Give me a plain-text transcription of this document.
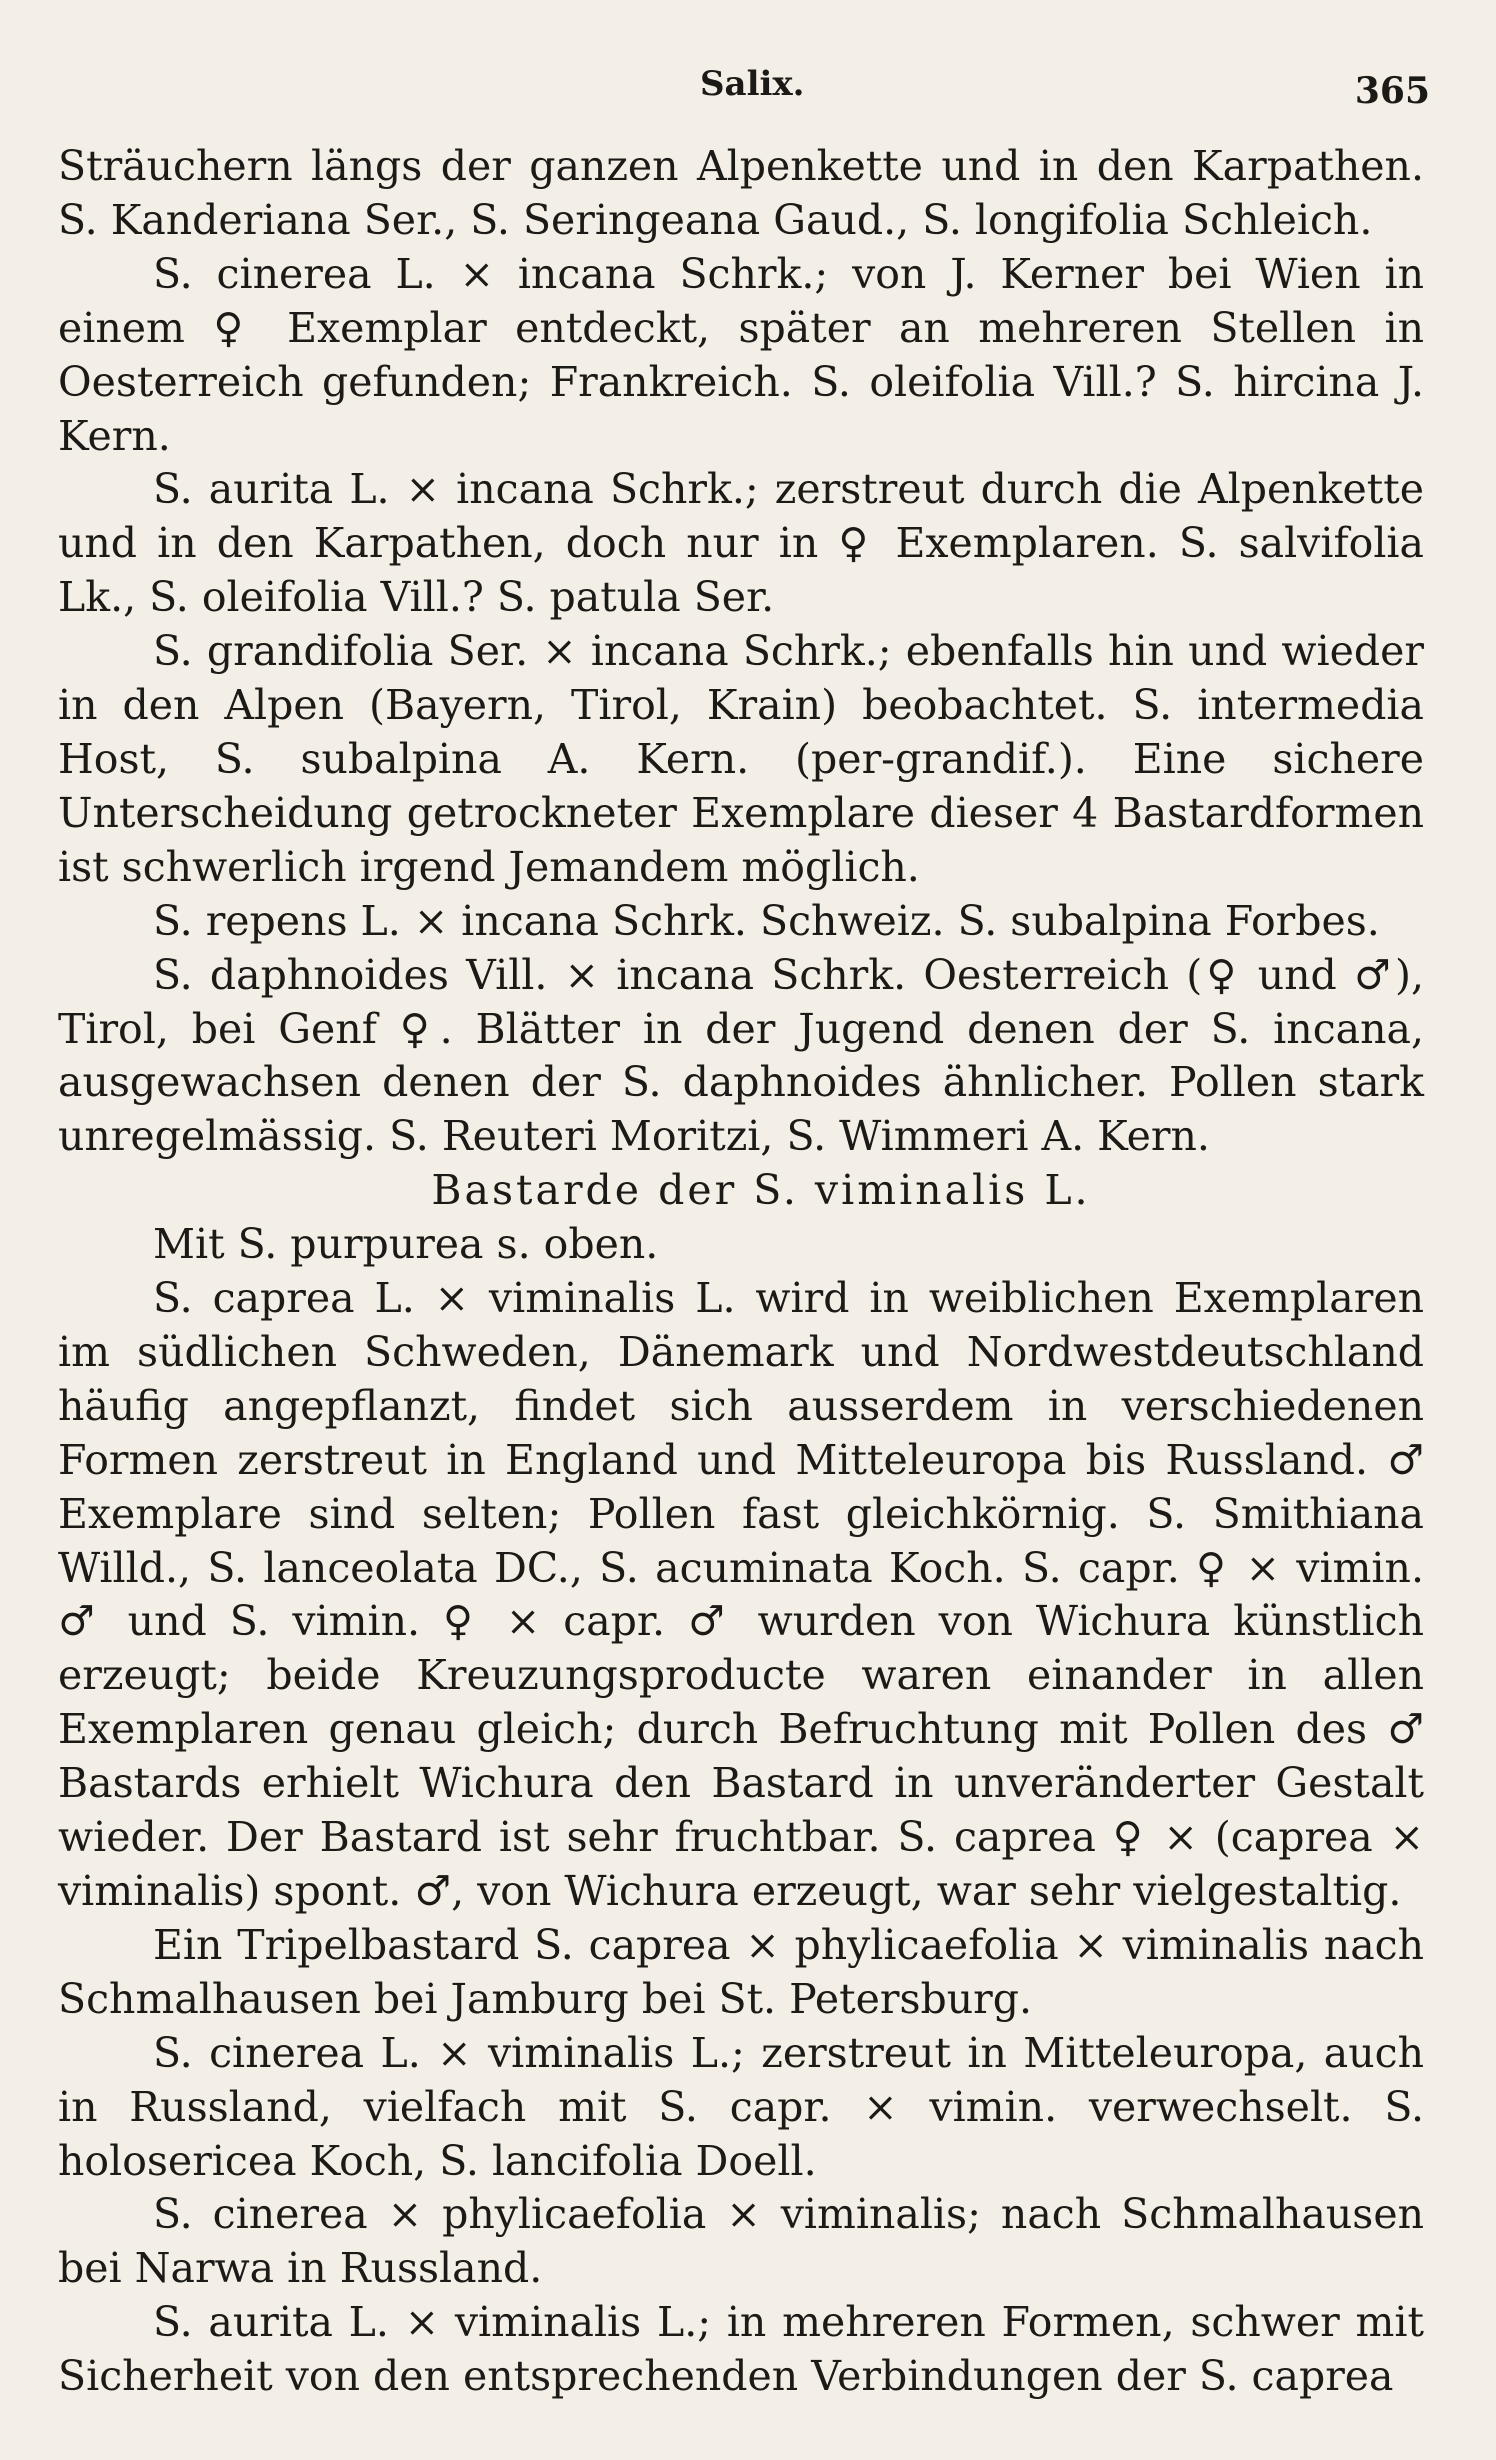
Salix.	365

Sträuchern längs der ganzen Alpenkette und in den Karpathen. S. Kanderiana Ser., S. Seringeana Gaud., S. longifolia Schleich.

S. cinerea L. × incana Schrk.; von J. Kerner bei Wien in einem ♀ Exemplar entdeckt, später an mehreren Stellen in Oesterreich gefunden; Frankreich. S. oleifolia Vill.? S. hircina J. Kern.

S. aurita L. × incana Schrk.; zerstreut durch die Alpenkette und in den Karpathen, doch nur in ♀ Exemplaren. S. salvifolia Lk., S. oleifolia Vill.? S. patula Ser.

S. grandifolia Ser. × incana Schrk.; ebenfalls hin und wieder in den Alpen (Bayern, Tirol, Krain) beobachtet. S. intermedia Host, S. subalpina A. Kern. (per-grandif.). Eine sichere Unterscheidung getrockneter Exemplare dieser 4 Bastardformen ist schwerlich irgend Jemandem möglich.

S. repens L. × incana Schrk. Schweiz. S. subalpina Forbes.

S. daphnoides Vill. × incana Schrk. Oesterreich (♀ und ♂), Tirol, bei Genf ♀. Blätter in der Jugend denen der S. incana, ausgewachsen denen der S. daphnoides ähnlicher. Pollen stark unregelmässig. S. Reuteri Moritzi, S. Wimmeri A. Kern.

Bastarde der S. viminalis L.

Mit S. purpurea s. oben.

S. caprea L. × viminalis L. wird in weiblichen Exemplaren im südlichen Schweden, Dänemark und Nordwestdeutschland häufig angepflanzt, findet sich ausserdem in verschiedenen Formen zerstreut in England und Mitteleuropa bis Russland. ♂ Exemplare sind selten; Pollen fast gleichkörnig. S. Smithiana Willd., S. lanceolata DC., S. acuminata Koch. S. capr. ♀ × vimin. ♂ und S. vimin. ♀ × capr. ♂ wurden von Wichura künstlich erzeugt; beide Kreuzungsproducte waren einander in allen Exemplaren genau gleich; durch Befruchtung mit Pollen des ♂ Bastards erhielt Wichura den Bastard in unveränderter Gestalt wieder. Der Bastard ist sehr fruchtbar. S. caprea ♀ × (caprea × viminalis) spont. ♂, von Wichura erzeugt, war sehr vielgestaltig.

Ein Tripelbastard S. caprea × phylicaefolia × viminalis nach Schmalhausen bei Jamburg bei St. Petersburg.

S. cinerea L. × viminalis L.; zerstreut in Mitteleuropa, auch in Russland, vielfach mit S. capr. × vimin. verwechselt. S. holosericea Koch, S. lancifolia Doell.

S. cinerea × phylicaefolia × viminalis; nach Schmalhausen bei Narwa in Russland.

S. aurita L. × viminalis L.; in mehreren Formen, schwer mit Sicherheit von den entsprechenden Verbindungen der S. caprea
